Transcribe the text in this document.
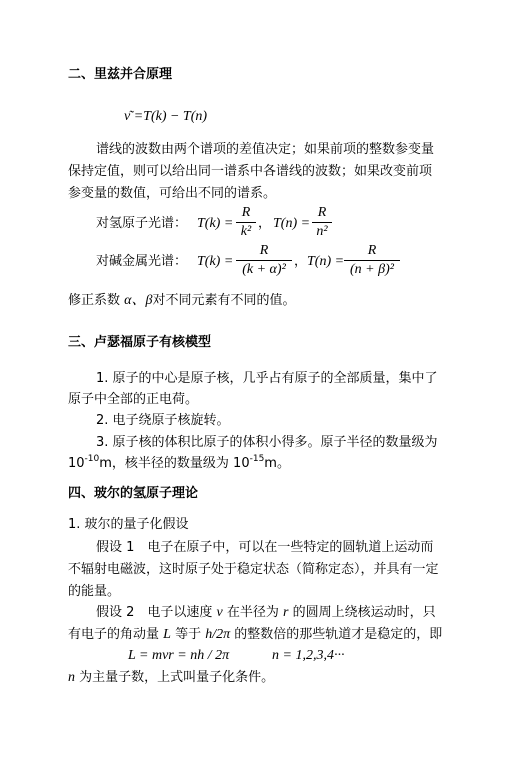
二、里兹并合原理
ν͂ =T(k) − T(n)
谱线的波数由两个谱项的差值决定；如果前项的整数参变量
保持定值，则可以给出同一谱系中各谱线的波数；如果改变前项
参变量的数值，可给出不同的谱系。
对氢原子光谱： T(k) =
R
k²
， T(n) =
R
n²
对碱金属光谱： T(k) =
R
(k + α)²
， T(n) =
R
(n + β)²
修正系数 α、β对不同元素有不同的值。
三、卢瑟福原子有核模型
1. 原子的中心是原子核，几乎占有原子的全部质量，集中了
原子中全部的正电荷。
2. 电子绕原子核旋转。
3. 原子核的体积比原子的体积小得多。原子半径的数量级为
$10^{-10}m$，核半径的数量级为 $10^{-15}m$。
四、玻尔的氢原子理论
1. 玻尔的量子化假设
假设 1　电子在原子中，可以在一些特定的圆轨道上运动而
不辐射电磁波，这时原子处于稳定状态（简称定态），并具有一定
的能量。
假设 2　电子以速度 v 在半径为 r 的圆周上绕核运动时，只
有电子的角动量 L 等于 h/2π 的整数倍的那些轨道才是稳定的，即
L = mvr = nh / 2π	n = 1,2,3,4···
n 为主量子数，上式叫量子化条件。
